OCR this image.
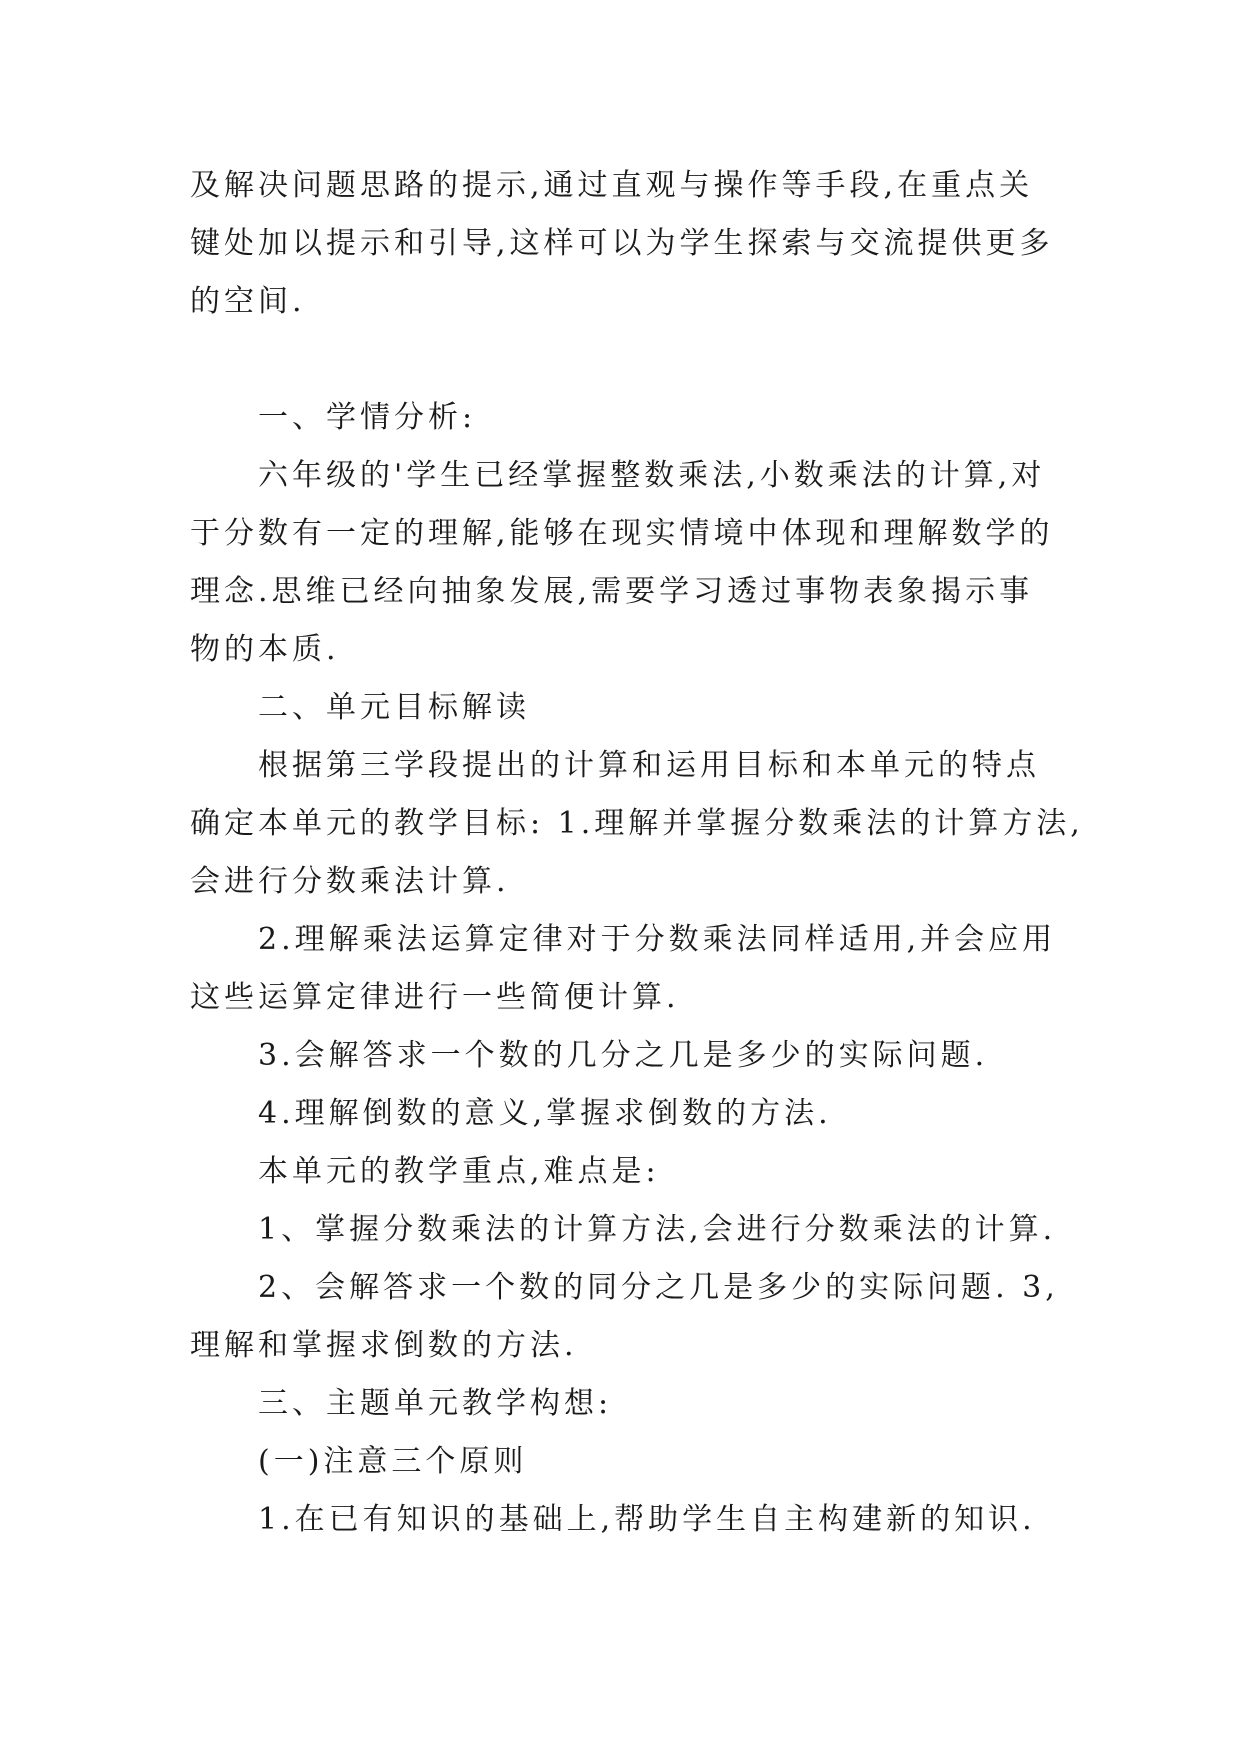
及解决问题思路的提示,通过直观与操作等手段,在重点关
键处加以提示和引导,这样可以为学生探索与交流提供更多
的空间.
一、学情分析:
六年级的'学生已经掌握整数乘法,小数乘法的计算,对
于分数有一定的理解,能够在现实情境中体现和理解数学的
理念.思维已经向抽象发展,需要学习透过事物表象揭示事
物的本质.
二、单元目标解读
根据第三学段提出的计算和运用目标和本单元的特点
确定本单元的教学目标: 1.理解并掌握分数乘法的计算方法,
会进行分数乘法计算.
2.理解乘法运算定律对于分数乘法同样适用,并会应用
这些运算定律进行一些简便计算.
3.会解答求一个数的几分之几是多少的实际问题.
4.理解倒数的意义,掌握求倒数的方法.
本单元的教学重点,难点是:
1、掌握分数乘法的计算方法,会进行分数乘法的计算.
2、会解答求一个数的同分之几是多少的实际问题. 3,
理解和掌握求倒数的方法.
三、主题单元教学构想:
(一)注意三个原则
1.在已有知识的基础上,帮助学生自主构建新的知识.
